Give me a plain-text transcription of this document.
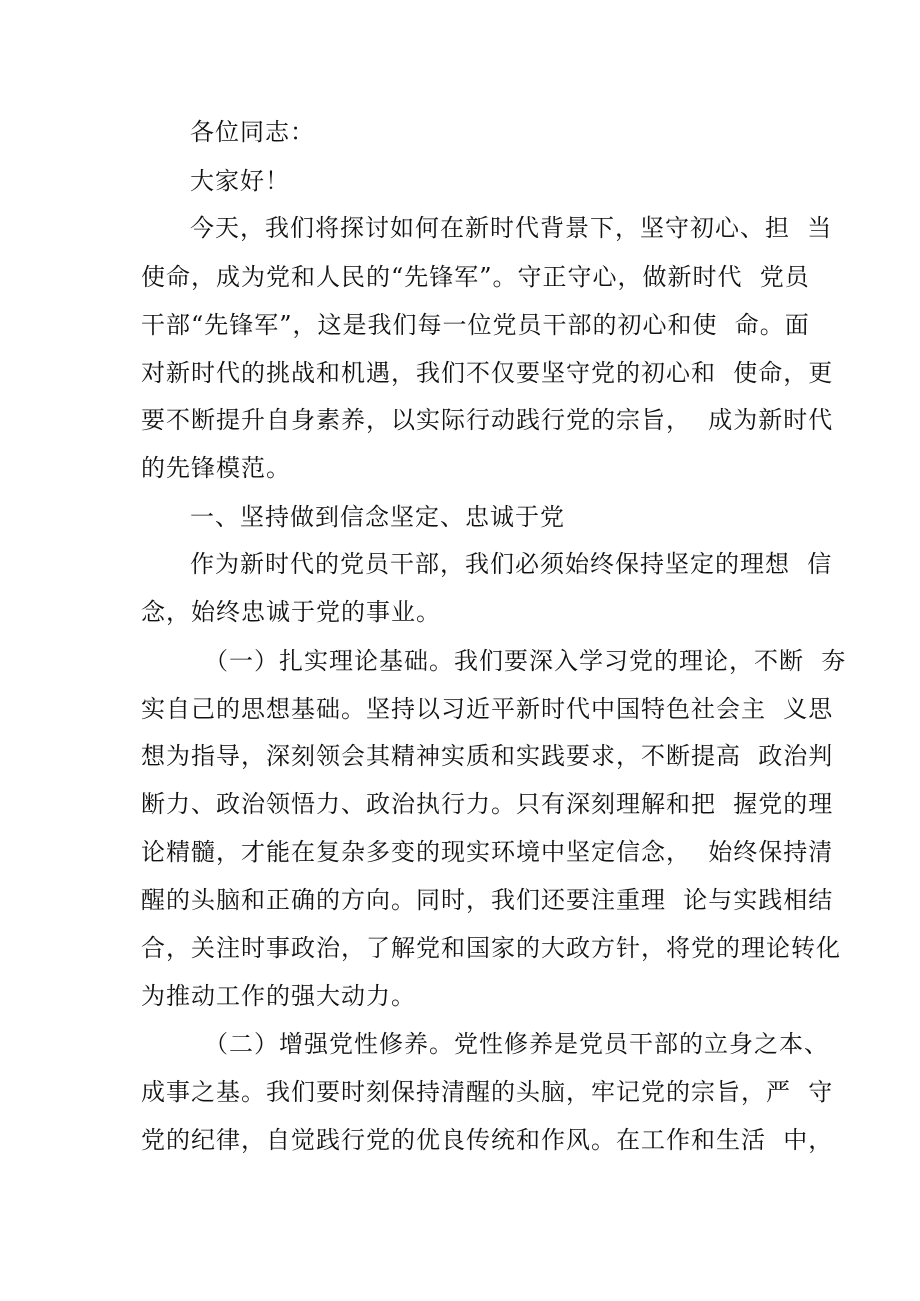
各位同志：
大家好！
今天，我们将探讨如何在新时代背景下，坚守初心、担  当
使命，成为党和人民的“先锋军”。守正守心，做新时代  党员
干部“先锋军”，这是我们每一位党员干部的初心和使  命。面
对新时代的挑战和机遇，我们不仅要坚守党的初心和  使命，更
要不断提升自身素养，以实际行动践行党的宗旨，  成为新时代
的先锋模范。
一、坚持做到信念坚定、忠诚于党
作为新时代的党员干部，我们必须始终保持坚定的理想  信
念，始终忠诚于党的事业。
（一）扎实理论基础。我们要深入学习党的理论，不断  夯
实自己的思想基础。坚持以习近平新时代中国特色社会主  义思
想为指导，深刻领会其精神实质和实践要求，不断提高  政治判
断力、政治领悟力、政治执行力。只有深刻理解和把  握党的理
论精髓，才能在复杂多变的现实环境中坚定信念，  始终保持清
醒的头脑和正确的方向。同时，我们还要注重理  论与实践相结
合，关注时事政治，了解党和国家的大政方针，将党的理论转化
为推动工作的强大动力。
（二）增强党性修养。党性修养是党员干部的立身之本、
成事之基。我们要时刻保持清醒的头脑，牢记党的宗旨，严  守
党的纪律，自觉践行党的优良传统和作风。在工作和生活  中，
